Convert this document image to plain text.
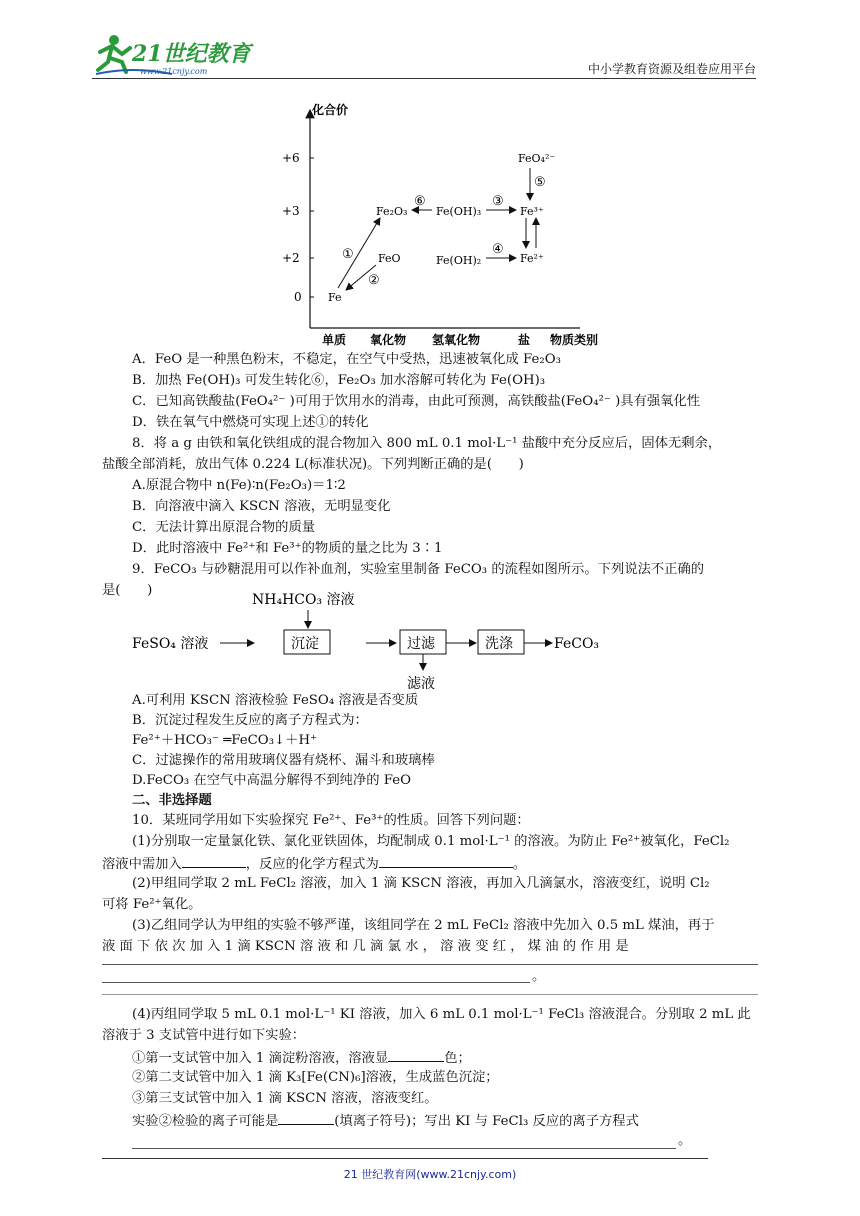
21世纪教育
www.21cnjy.com	中小学教育资源及组卷应用平台
化合价
+6
+3
+2
0
单质 氧化物 氢氧化物	盐 物质类别
Fe
FeO
Fe₂O₃	Fe(OH)₃
Fe(OH)₂
Fe³⁺
Fe²⁺
FeO₄²⁻
①
②
③
④
⑤
⑥
A．FeO 是一种黑色粉末，不稳定，在空气中受热，迅速被氧化成 Fe₂O₃
B．加热 Fe(OH)₃ 可发生转化⑥，Fe₂O₃ 加水溶解可转化为 Fe(OH)₃
C．已知高铁酸盐(FeO₄²⁻ )可用于饮用水的消毒，由此可预测，高铁酸盐(FeO₄²⁻ )具有强氧化性
D．铁在氧气中燃烧可实现上述①的转化
8．将 a g 由铁和氧化铁组成的混合物加入 800 mL 0.1 mol·L⁻¹ 盐酸中充分反应后，固体无剩余，
盐酸全部消耗，放出气体 0.224 L(标准状况)。下列判断正确的是(　　)
A.原混合物中 n(Fe)∶n(Fe₂O₃)＝1∶2
B．向溶液中滴入 KSCN 溶液，无明显变化
C．无法计算出原混合物的质量
D．此时溶液中 Fe²⁺和 Fe³⁺的物质的量之比为 3∶1
9．FeCO₃ 与砂糖混用可以作补血剂，实验室里制备 FeCO₃ 的流程如图所示。下列说法不正确的
是(　　)
NH₄HCO₃ 溶液
FeSO₄ 溶液	沉淀	过滤	洗涤	FeCO₃
滤液
A.可利用 KSCN 溶液检验 FeSO₄ 溶液是否变质
B．沉淀过程发生反应的离子方程式为：
Fe²⁺＋HCO₃⁻ ═FeCO₃↓＋H⁺
C．过滤操作的常用玻璃仪器有烧杯、漏斗和玻璃棒
D.FeCO₃ 在空气中高温分解得不到纯净的 FeO
二、非选择题
10．某班同学用如下实验探究 Fe²⁺、Fe³⁺的性质。回答下列问题：
(1)分别取一定量氯化铁、氯化亚铁固体，均配制成 0.1 mol·L⁻¹ 的溶液。为防止 Fe²⁺被氧化，FeCl₂
溶液中需加入	，反应的化学方程式为	。
(2)甲组同学取 2 mL FeCl₂ 溶液，加入 1 滴 KSCN 溶液，再加入几滴氯水，溶液变红，说明 Cl₂
可将 Fe²⁺氧化。
(3)乙组同学认为甲组的实验不够严谨，该组同学在 2 mL FeCl₂ 溶液中先加入 0.5 mL 煤油，再于
液 面 下 依 次 加 入 1 滴 KSCN 溶 液 和 几 滴 氯 水 ， 溶 液 变 红 ， 煤 油 的 作 用 是
。
(4)丙组同学取 5 mL 0.1 mol·L⁻¹ KI 溶液，加入 6 mL 0.1 mol·L⁻¹ FeCl₃ 溶液混合。分别取 2 mL 此
溶液于 3 支试管中进行如下实验：
①第一支试管中加入 1 滴淀粉溶液，溶液显	色；
②第二支试管中加入 1 滴 K₃[Fe(CN)₆]溶液，生成蓝色沉淀；
③第三支试管中加入 1 滴 KSCN 溶液，溶液变红。
实验②检验的离子可能是	(填离子符号)；写出 KI 与 FeCl₃ 反应的离子方程式
。
21 世纪教育网(www.21cnjy.com)
